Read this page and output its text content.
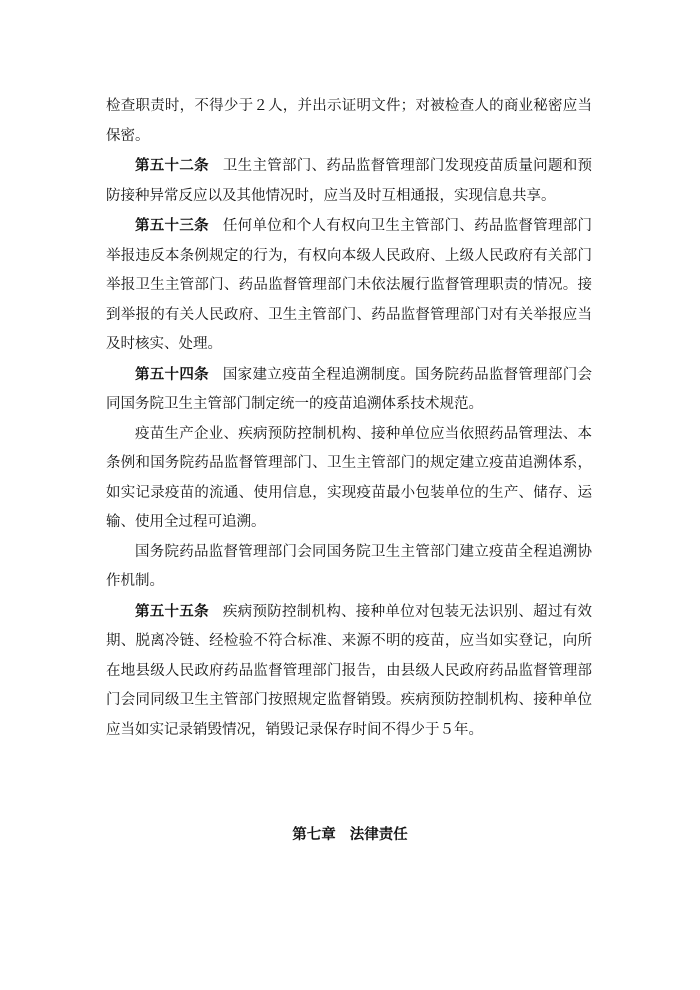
检查职责时，不得少于２人，并出示证明文件；对被检查人的商业秘密应当保密。

第五十二条 卫生主管部门、药品监督管理部门发现疫苗质量问题和预防接种异常反应以及其他情况时，应当及时互相通报，实现信息共享。

第五十三条 任何单位和个人有权向卫生主管部门、药品监督管理部门举报违反本条例规定的行为，有权向本级人民政府、上级人民政府有关部门举报卫生主管部门、药品监督管理部门未依法履行监督管理职责的情况。接到举报的有关人民政府、卫生主管部门、药品监督管理部门对有关举报应当及时核实、处理。

第五十四条 国家建立疫苗全程追溯制度。国务院药品监督管理部门会同国务院卫生主管部门制定统一的疫苗追溯体系技术规范。

疫苗生产企业、疾病预防控制机构、接种单位应当依照药品管理法、本条例和国务院药品监督管理部门、卫生主管部门的规定建立疫苗追溯体系，如实记录疫苗的流通、使用信息，实现疫苗最小包装单位的生产、储存、运输、使用全过程可追溯。

国务院药品监督管理部门会同国务院卫生主管部门建立疫苗全程追溯协作机制。

第五十五条 疾病预防控制机构、接种单位对包装无法识别、超过有效期、脱离冷链、经检验不符合标准、来源不明的疫苗，应当如实登记，向所在地县级人民政府药品监督管理部门报告，由县级人民政府药品监督管理部门会同同级卫生主管部门按照规定监督销毁。疾病预防控制机构、接种单位应当如实记录销毁情况，销毁记录保存时间不得少于５年。

第七章 法律责任
